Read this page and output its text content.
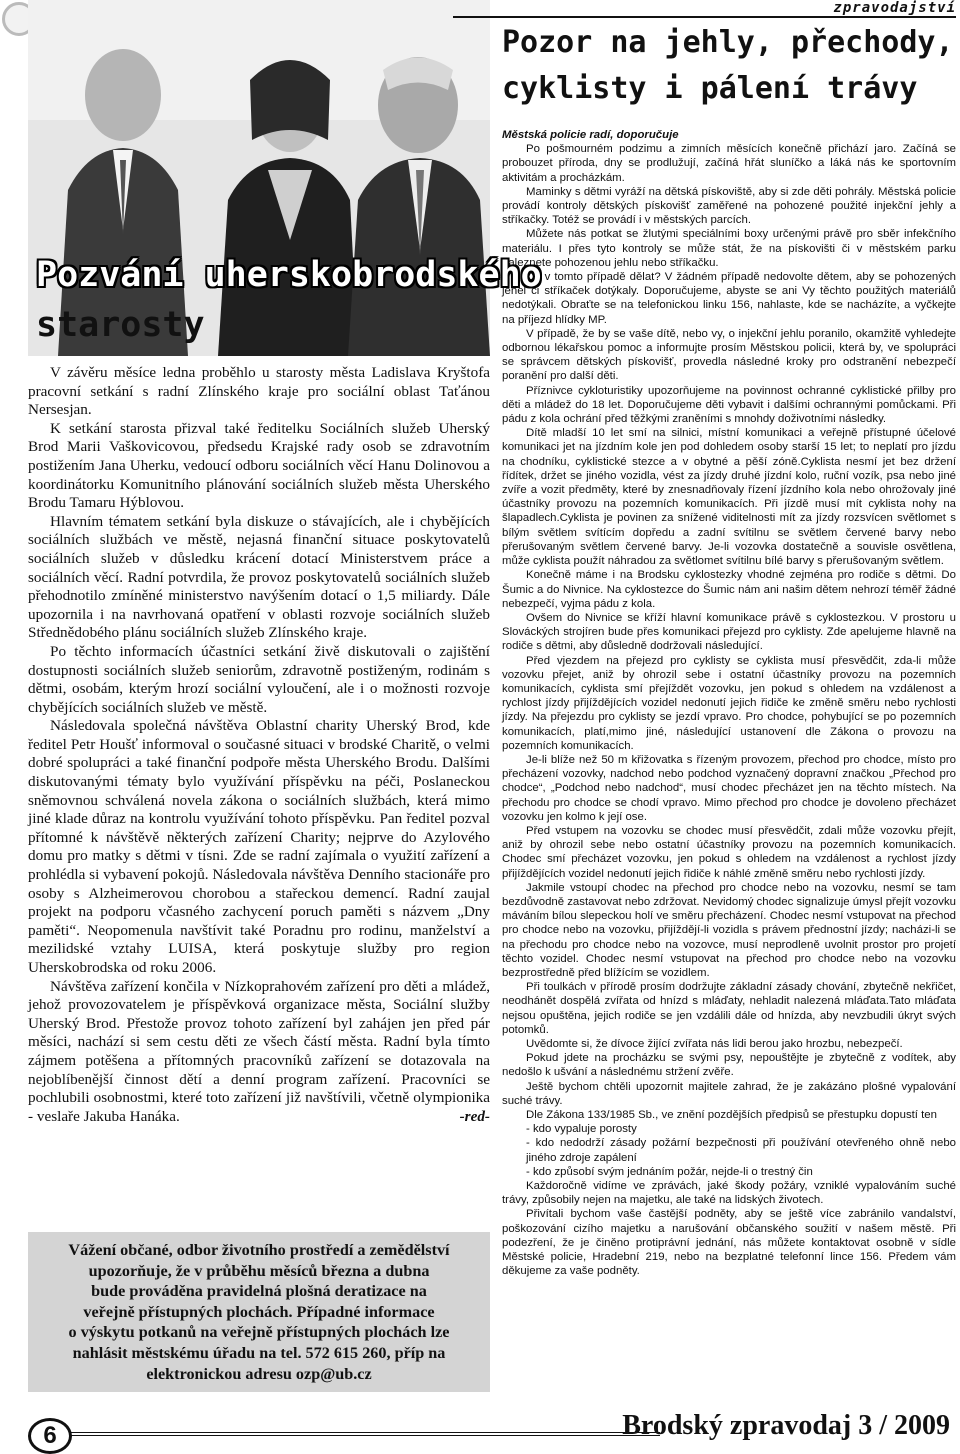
Pozvání uherskobrodského
starosty

V závěru měsíce ledna proběhlo u starosty města Ladislava Kryštofa pracovní setkání s radní Zlínského kraje pro sociální oblast Taťánou Nersesjan.

K setkání starosta přizval také ředitelku Sociálních služeb Uherský Brod Marii Vaškovicovou, předsedu Krajské rady osob se zdravotním postižením Jana Uherku, vedoucí odboru sociálních věcí Hanu Dolinovou a koordinátorku Komunitního plánování sociálních služeb města Uherského Brodu Tamaru Hýblovou.

Hlavním tématem setkání byla diskuze o stávajících, ale i chybějících sociálních službách ve městě, nejasná finanční situace poskytovatelů sociálních služeb v důsledku krácení dotací Ministerstvem práce a sociálních věcí. Radní potvrdila, že provoz poskytovatelů sociálních služeb přehodnotilo zmíněné ministerstvo navýšením dotací o 1,5 miliardy. Dále upozornila i na navrhovaná opatření v oblasti rozvoje sociálních služeb Střednědobého plánu sociálních služeb Zlínského kraje.

Po těchto informacích účastníci setkání živě diskutovali o zajištění dostupnosti sociálních služeb seniorům, zdravotně postiženým, rodinám s dětmi, osobám, kterým hrozí sociální vyloučení, ale i o možnosti rozvoje chybějících sociálních služeb ve městě.

Následovala společná návštěva Oblastní charity Uherský Brod, kde ředitel Petr Houšť informoval o současné situaci v brodské Charitě, o velmi dobré spolupráci a také finanční podpoře města Uherského Brodu. Dalšími diskutovanými tématy bylo využívání příspěvku na péči, Poslaneckou sněmovnou schválená novela zákona o sociálních službách, která mimo jiné klade důraz na kontrolu využívání tohoto příspěvku. Pan ředitel pozval přítomné k návštěvě některých zařízení Charity; nejprve do Azylového domu pro matky s dětmi v tísni. Zde se radní zajímala o využití zařízení a prohlédla si vybavení pokojů. Následovala návštěva Denního stacionáře pro osoby s Alzheimerovou chorobou a stařeckou demencí. Radní zaujal projekt na podporu včasného zachycení poruch paměti s názvem „Dny paměti“. Neopomenula navštívit také Poradnu pro rodinu, manželství a mezilidské vztahy LUISA, která poskytuje služby pro region Uherskobrodska od roku 2006.

Návštěva zařízení končila v Nízkoprahovém zařízení pro děti a mládež, jehož provozovatelem je příspěvková organizace města, Sociální služby Uherský Brod. Přestože provoz tohoto zařízení byl zahájen jen před pár měsíci, nachází si sem cestu děti ze všech částí města. Radní byla tímto zájmem potěšena a přítomných pracovníků zařízení se dotazovala na nejoblíbenější činnost dětí a denní program zařízení. Pracovníci se pochlubili osobnostmi, které toto zařízení již navštívili, včetně olympionika - veslaře Jakuba Hanáka.	-red-

Vážení občané, odbor životního prostředí a zemědělství
upozorňuje, že v průběhu měsíců března a dubna
bude prováděna pravidelná plošná deratizace na
veřejně přístupných plochách. Případné informace
o výskytu potkanů na veřejně přístupných plochách lze
nahlásit městskému úřadu na tel. 572 615 260, příp na
elektronickou adresu ozp@ub.cz
zpravodajství
Pozor na jehly, přechody,
cyklisty i pálení trávy

Městská policie radí, doporučuje

Po pošmourném podzimu a zimních měsících konečně přichází jaro. Začíná se probouzet příroda, dny se prodlužují, začíná hřát sluníčko a láká nás ke sportovním aktivitám a procházkám.

Maminky s dětmi vyráží na dětská pískoviště, aby si zde děti pohrály. Městská policie provádí kontroly dětských pískovišť zaměřené na pohozené použité injekční jehly a stříkačky. Totéž se provádí i v městských parcích.

Můžete nás potkat se žlutými speciálními boxy určenými právě pro sběr infekčního materiálu. I přes tyto kontroly se může stát, že na pískovišti či v městském parku naleznete pohozenou jehlu nebo stříkačku.

Co v tomto případě dělat? V žádném případě nedovolte dětem, aby se pohozených jehel či stříkaček dotýkaly. Doporučujeme, abyste se ani Vy těchto použitých materiálů nedotýkali. Obraťte se na telefonickou linku 156, nahlaste, kde se nacházíte, a vyčkejte na příjezd hlídky MP.

V případě, že by se vaše dítě, nebo vy, o injekční jehlu poranilo, okamžitě vyhledejte odbornou lékařskou pomoc a informujte prosím Městskou policii, která by, ve spolupráci se správcem dětských pískovišť, provedla následné kroky pro odstranění nebezpečí poranění pro další děti.

Příznivce cykloturistiky upozorňujeme na povinnost ochranné cyklistické přilby pro děti a mládež do 18 let. Doporučujeme děti vybavit i dalšími ochrannými pomůckami. Při pádu z kola ochrání před těžkými zraněními s mnohdy doživotními následky.

Dítě mladší 10 let smí na silnici, místní komunikaci a veřejně přístupné účelové komunikaci jet na jízdním kole jen pod dohledem osoby starší 15 let; to neplatí pro jízdu na chodníku, cyklistické stezce a v obytné a pěší zóně.Cyklista nesmí jet bez držení řídítek, držet se jiného vozidla, vést za jízdy druhé jízdní kolo, ruční vozík, psa nebo jiné zvíře a vozit předměty, které by znesnadňovaly řízení jízdního kola nebo ohrožovaly jiné účastníky provozu na pozemních komunikacích. Při jízdě musí mít cyklista nohy na šlapadlech.Cyklista je povinen za snížené viditelnosti mít za jízdy rozsvícen světlomet s bílým světlem svítícím dopředu a zadní svítilnu se světlem červené barvy nebo přerušovaným světlem červené barvy. Je-li vozovka dostatečně a souvisle osvětlena, může cyklista použít náhradou za světlomet svítilnu bílé barvy s přerušovaným světlem.

Konečně máme i na Brodsku cyklostezky vhodné zejména pro rodiče s dětmi. Do Šumic a do Nivnice. Na cyklostezce do Šumic nám ani našim dětem nehrozí téměř žádné nebezpečí, vyjma pádu z kola.

Ovšem do Nivnice se kříží hlavní komunikace právě s cyklostezkou. V prostoru u Slováckých strojíren bude přes komunikaci přejezd pro cyklisty. Zde apelujeme hlavně na rodiče s dětmi, aby důsledně dodržovali následující.

Před vjezdem na přejezd pro cyklisty se cyklista musí přesvědčit, zda-li může vozovku přejet, aniž by ohrozil sebe i ostatní účastníky provozu na pozemních komunikacích, cyklista smí přejíždět vozovku, jen pokud s ohledem na vzdálenost a rychlost jízdy přijíždějících vozidel nedonutí jejich řidiče ke změně směru nebo rychlosti jízdy. Na přejezdu pro cyklisty se jezdí vpravo. Pro chodce, pohybující se po pozemních komunikacích, platí,mimo jiné, následující ustanovení dle Zákona o provozu na pozemních komunikacích.

Je-li blíže než 50 m křižovatka s řízeným provozem, přechod pro chodce, místo pro přecházení vozovky, nadchod nebo podchod vyznačený dopravní značkou „Přechod pro chodce“, „Podchod nebo nadchod“, musí chodec přecházet jen na těchto místech. Na přechodu pro chodce se chodí vpravo. Mimo přechod pro chodce je dovoleno přecházet vozovku jen kolmo k její ose.

Před vstupem na vozovku se chodec musí přesvědčit, zdali může vozovku přejít, aniž by ohrozil sebe nebo ostatní účastníky provozu na pozemních komunikacích. Chodec smí přecházet vozovku, jen pokud s ohledem na vzdálenost a rychlost jízdy přijíždějících vozidel nedonutí jejich řidiče k náhlé změně směru nebo rychlosti jízdy.

Jakmile vstoupí chodec na přechod pro chodce nebo na vozovku, nesmí se tam bezdůvodně zastavovat nebo zdržovat. Nevidomý chodec signalizuje úmysl přejít vozovku máváním bílou slepeckou holí ve směru přecházení. Chodec nesmí vstupovat na přechod pro chodce nebo na vozovku, přijíždějí-li vozidla s právem přednostní jízdy; nacházi-li se na přechodu pro chodce nebo na vozovce, musí neprodleně uvolnit prostor pro projetí těchto vozidel. Chodec nesmí vstupovat na přechod pro chodce nebo na vozovku bezprostředně před blížícím se vozidlem.

Při toulkách v přírodě prosím dodržujte základní zásady chování, zbytečně nekřičet, neodhánět dospělá zvířata od hnízd s mláďaty, nehladit nalezená mláďata.Tato mláďata nejsou opuštěna, jejich rodiče se jen vzdálili dále od hnízda, aby nevzbudili úkryt svých potomků.

Uvědomte si, že dívoce žijící zvířata nás lidi berou jako hrozbu, nebezpečí.

Pokud jdete na procházku se svými psy, nepouštějte je zbytečně z vodítek, aby nedošlo k ušvání a následnému stržení zvěře.

Ještě bychom chtěli upozornit majitele zahrad, že je zakázáno plošné vypalování suché trávy.

Dle Zákona 133/1985 Sb., ve znění pozdějších předpisů se přestupku dopustí ten

- kdo vypaluje porosty

- kdo nedodrží zásady požární bezpečnosti při používání otevřeného ohně nebo jiného zdroje zapálení

- kdo způsobí svým jednáním požár, nejde-li o trestný čin

Každoročně vidíme ve zprávách, jaké škody požáry, vzniklé vypalováním suché trávy, způsobily nejen na majetku, ale také na lidských životech.

Přivítali bychom vaše častější podněty, aby se ještě více zabránilo vandalství, poškozování cizího majetku a narušování občanského soužití v našem městě. Při podezření, že je činěno protiprávní jednání, nás můžete kontaktovat osobně v sídle Městské policie, Hradební 219, nebo na bezplatné telefonní lince 156. Předem vám děkujeme za vaše podněty.

6	Brodský zpravodaj 3 / 2009
